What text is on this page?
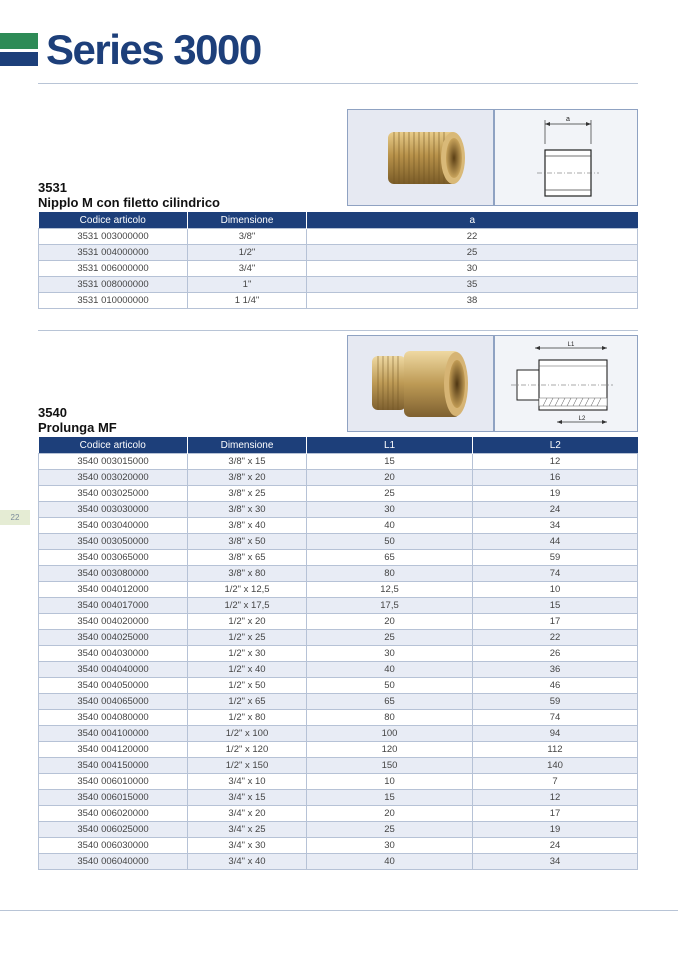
Series 3000
22
a
3531
Nipplo M con filetto cilindrico
Codice articolo	Dimensione	a
3531 003000000	3/8"	22
3531 004000000	1/2"	25
3531 006000000	3/4"	30
3531 008000000	1"	35
3531 010000000	1 1/4"	38
L1
L2
3540
Prolunga MF
Codice articolo	Dimensione	L1	L2
3540 003015000	3/8" x 15	15	12
3540 003020000	3/8" x 20	20	16
3540 003025000	3/8" x 25	25	19
3540 003030000	3/8" x 30	30	24
3540 003040000	3/8" x 40	40	34
3540 003050000	3/8" x 50	50	44
3540 003065000	3/8" x 65	65	59
3540 003080000	3/8" x 80	80	74
3540 004012000	1/2" x 12,5	12,5	10
3540 004017000	1/2" x 17,5	17,5	15
3540 004020000	1/2" x 20	20	17
3540 004025000	1/2" x 25	25	22
3540 004030000	1/2" x 30	30	26
3540 004040000	1/2" x 40	40	36
3540 004050000	1/2" x 50	50	46
3540 004065000	1/2" x 65	65	59
3540 004080000	1/2" x 80	80	74
3540 004100000	1/2" x 100	100	94
3540 004120000	1/2" x 120	120	112
3540 004150000	1/2" x 150	150	140
3540 006010000	3/4" x 10	10	7
3540 006015000	3/4" x 15	15	12
3540 006020000	3/4" x 20	20	17
3540 006025000	3/4" x 25	25	19
3540 006030000	3/4" x 30	30	24
3540 006040000	3/4" x 40	40	34
